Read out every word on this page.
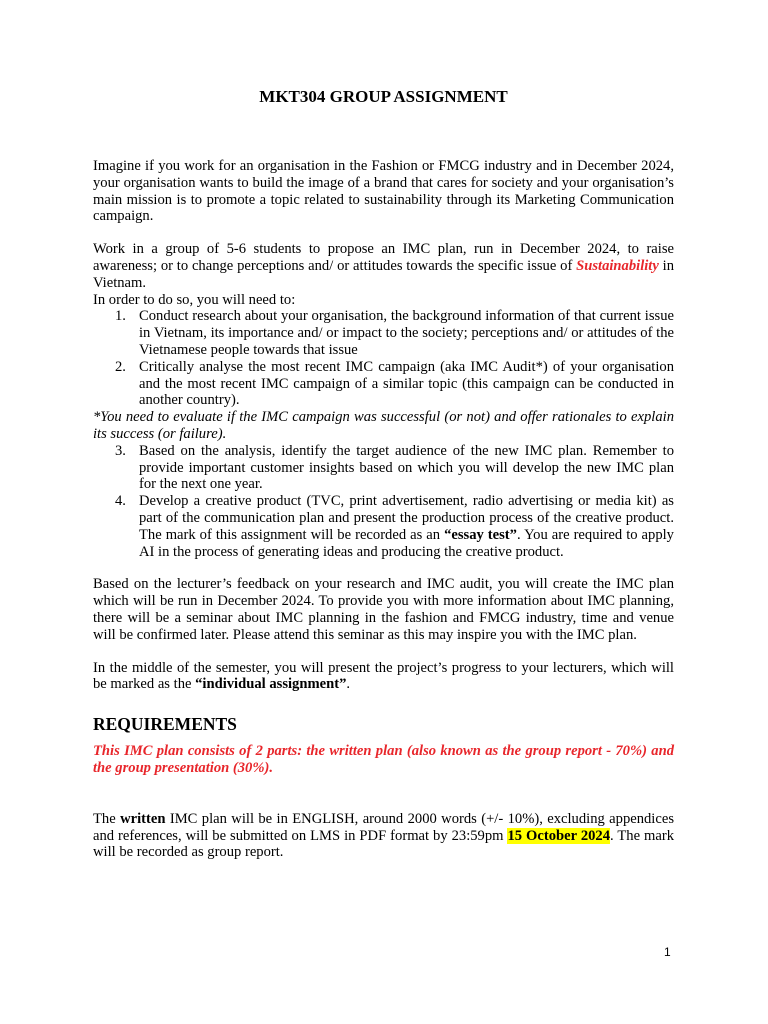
MKT304 GROUP ASSIGNMENT

Imagine if you work for an organisation in the Fashion or FMCG industry and in December 2024, your organisation wants to build the image of a brand that cares for society and your organisation’s main mission is to promote a topic related to sustainability through its Marketing Communication campaign.

Work in a group of 5-6 students to propose an IMC plan, run in December 2024, to raise awareness; or to change perceptions and/ or attitudes towards the specific issue of Sustainability in Vietnam.

In order to do so, you will need to:

1. Conduct research about your organisation, the background information of that current issue in Vietnam, its importance and/ or impact to the society; perceptions and/ or attitudes of the Vietnamese people towards that issue
2. Critically analyse the most recent IMC campaign (aka IMC Audit*) of your organisation and the most recent IMC campaign of a similar topic (this campaign can be conducted in another country).

*You need to evaluate if the IMC campaign was successful (or not) and offer rationales to explain its success (or failure).

3. Based on the analysis, identify the target audience of the new IMC plan. Remember to provide important customer insights based on which you will develop the new IMC plan for the next one year.
4. Develop a creative product (TVC, print advertisement, radio advertising or media kit) as part of the communication plan and present the production process of the creative product. The mark of this assignment will be recorded as an “essay test”. You are required to apply AI in the process of generating ideas and producing the creative product.

Based on the lecturer’s feedback on your research and IMC audit, you will create the IMC plan which will be run in December 2024. To provide you with more information about IMC planning, there will be a seminar about IMC planning in the fashion and FMCG industry, time and venue will be confirmed later. Please attend this seminar as this may inspire you with the IMC plan.

In the middle of the semester, you will present the project’s progress to your lecturers, which will be marked as the “individual assignment”.

REQUIREMENTS

This IMC plan consists of 2 parts: the written plan (also known as the group report - 70%) and the group presentation (30%).

The written IMC plan will be in ENGLISH, around 2000 words (+/- 10%), excluding appendices and references, will be submitted on LMS in PDF format by 23:59pm 15 October 2024. The mark will be recorded as group report.

1
